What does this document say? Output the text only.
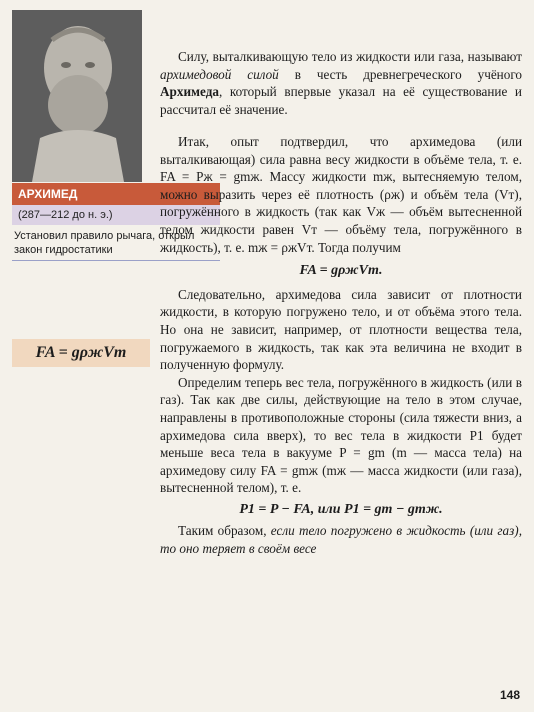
АРХИМЕД
(287—212 до н. э.)
Установил правило рычага, открыл закон гидростатики
FA = gρжVт

Силу, выталкивающую тело из жидкости или газа, называют архимедовой силой в честь древнегреческого учёного Архимеда, который впервые указал на её существование и рассчитал её значение.

Итак, опыт подтвердил, что архимедова (или выталкивающая) сила равна весу жидкости в объёме тела, т. е. FA = Pж = gmж. Массу жидкости mж, вытесняемую телом, можно выразить через её плотность (ρж) и объём тела (Vт), погружённого в жидкость (так как Vж — объём вытесненной телом жидкости равен Vт — объёму тела, погружённого в жидкость), т. е. mж = ρжVт. Тогда получим

FA = gρжVт.

Следовательно, архимедова сила зависит от плотности жидкости, в которую погружено тело, и от объёма этого тела. Но она не зависит, например, от плотности вещества тела, погружаемого в жидкость, так как эта величина не входит в полученную формулу.

Определим теперь вес тела, погружённого в жидкость (или в газ). Так как две силы, действующие на тело в этом случае, направлены в противоположные стороны (сила тяжести вниз, а архимедова сила вверх), то вес тела в жидкости P1 будет меньше веса тела в вакууме P = gm (m — масса тела) на архимедову силу FA = gmж (mж — масса жидкости (или газа), вытесненной телом), т. е.

P1 = P − FA, или P1 = gm − gmж.

Таким образом, если тело погружено в жидкость (или газ), то оно теряет в своём весе

148
